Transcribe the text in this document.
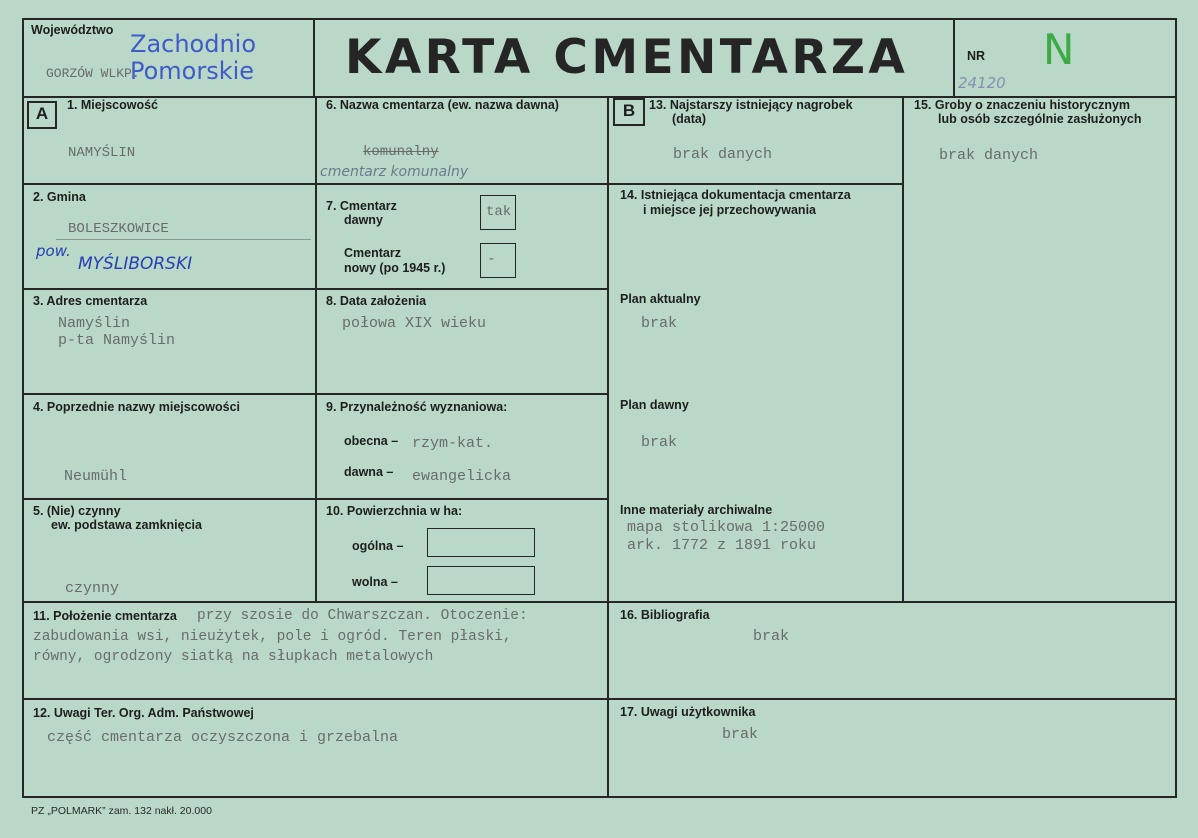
Województwo
GORZÓW WLKP.
Zachodnio
Pomorskie KARTA CMENTARZA	NR N
24120
A	1. Miejscowość
NAMYŚLIN
2. Gmina
BOLESZKOWICE
pow.
MYŚLIBORSKI
3. Adres cmentarza
Namyślin
p-ta Namyślin
4. Poprzednie nazwy miejscowości
Neumühl
5. (Nie) czynny
ew. podstawa zamknięcia
czynny
6. Nazwa cmentarza (ew. nazwa dawna)
komunalny
cmentarz komunalny
7. Cmentarz
dawny	tak
Cmentarz
nowy (po 1945 r.)	-
8. Data założenia
połowa XIX wieku
9. Przynależność wyznaniowa:
obecna – rzym-kat.
dawna – ewangelicka
10. Powierzchnia w ha:
ogólna –
wolna –
B	13. Najstarszy istniejący nagrobek
(data)
brak danych
14. Istniejąca dokumentacja cmentarza
i miejsce jej przechowywania
Plan aktualny
brak
Plan dawny
brak
Inne materiały archiwalne
mapa stolikowa 1:25000
ark. 1772 z 1891 roku
15. Groby o znaczeniu historycznym
lub osób szczególnie zasłużonych
brak danych
11. Położenie cmentarza przy szosie do Chwarszczan. Otoczenie:
zabudowania wsi, nieużytek, pole i ogród. Teren płaski,
równy, ogrodzony siatką na słupkach metalowych
12. Uwagi Ter. Org. Adm. Państwowej
część cmentarza oczyszczona i grzebalna
16. Bibliografia
brak
17. Uwagi użytkownika
brak
PZ „POLMARK” zam. 132 nakł. 20.000
